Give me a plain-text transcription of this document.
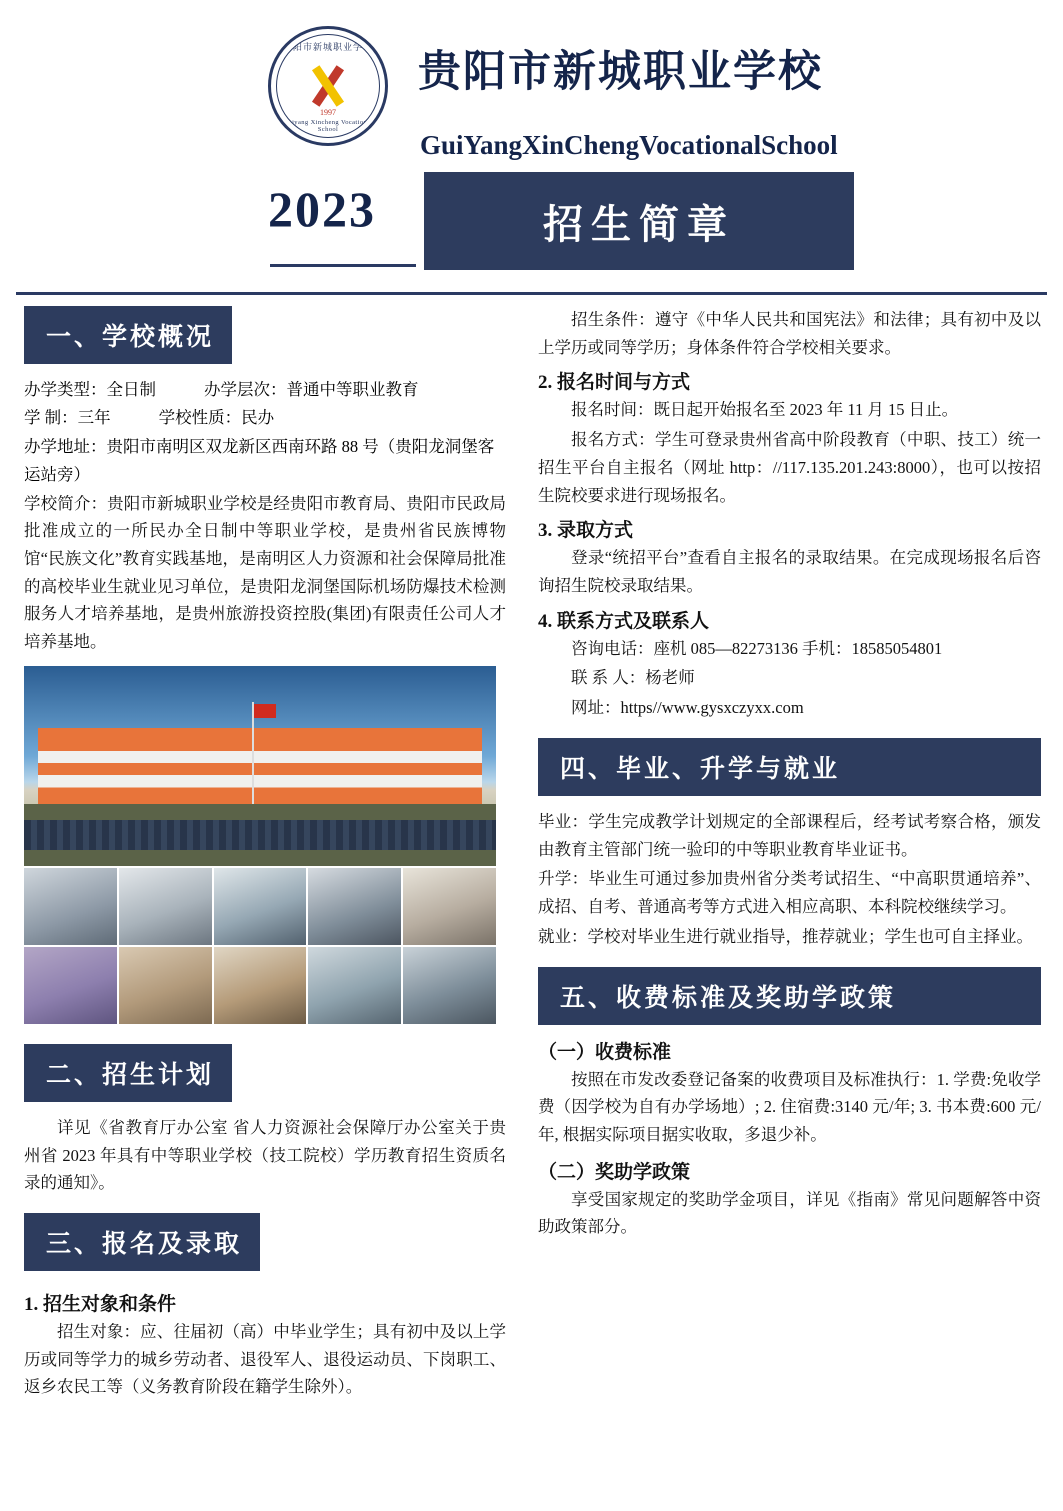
贵阳市新城职业学校
1997
Guiyang Xincheng Vocational School
贵阳市新城职业学校
GuiYangXinChengVocationalSchool
2023	招生简章
一、学校概况
办学类型：全日制	办学层次：普通中等职业教育
学 制：三年	学校性质：民办
办学地址：贵阳市南明区双龙新区西南环路 88 号（贵阳龙洞堡客运站旁）

学校简介：贵阳市新城职业学校是经贵阳市教育局、贵阳市民政局批准成立的一所民办全日制中等职业学校，是贵州省民族博物馆“民族文化”教育实践基地，是南明区人力资源和社会保障局批准的高校毕业生就业见习单位，是贵阳龙洞堡国际机场防爆技术检测服务人才培养基地，是贵州旅游投资控股(集团)有限责任公司人才培养基地。

二、招生计划

详见《省教育厅办公室 省人力资源社会保障厅办公室关于贵州省 2023 年具有中等职业学校（技工院校）学历教育招生资质名录的通知》。

三、报名及录取
1. 招生对象和条件

招生对象：应、往届初（高）中毕业学生；具有初中及以上学历或同等学力的城乡劳动者、退役军人、退役运动员、下岗职工、返乡农民工等（义务教育阶段在籍学生除外）。

招生条件：遵守《中华人民共和国宪法》和法律；具有初中及以上学历或同等学历；身体条件符合学校相关要求。

2. 报名时间与方式

报名时间：既日起开始报名至 2023 年 11 月 15 日止。

报名方式：学生可登录贵州省高中阶段教育（中职、技工）统一招生平台自主报名（网址 http：//117.135.201.243:8000），也可以按招生院校要求进行现场报名。

3. 录取方式

登录“统招平台”查看自主报名的录取结果。在完成现场报名后咨询招生院校录取结果。

4. 联系方式及联系人

咨询电话：座机 085—82273136 手机：18585054801

联 系 人：杨老师

网址：https//www.gysxczyxx.com

四、毕业、升学与就业

毕业：学生完成教学计划规定的全部课程后，经考试考察合格，颁发由教育主管部门统一验印的中等职业教育毕业证书。

升学：毕业生可通过参加贵州省分类考试招生、“中高职贯通培养”、成招、自考、普通高考等方式进入相应高职、本科院校继续学习。

就业：学校对毕业生进行就业指导，推荐就业；学生也可自主择业。

五、收费标准及奖助学政策
（一）收费标准

按照在市发改委登记备案的收费项目及标准执行：1. 学费:免收学费（因学校为自有办学场地）; 2. 住宿费:3140 元/年; 3. 书本费:600 元/年, 根据实际项目据实收取，多退少补。

（二）奖助学政策

享受国家规定的奖助学金项目，详见《指南》常见问题解答中资助政策部分。
